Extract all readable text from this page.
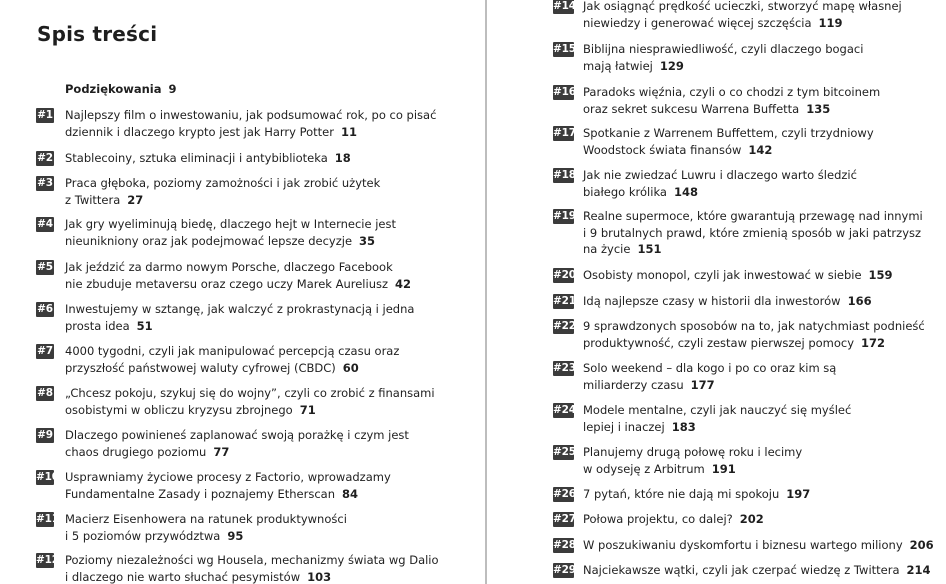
Spis treści
Podziękowania 9
#1 Najlepszy film o inwestowaniu, jak podsumować rok, po co pisać
dziennik i dlaczego krypto jest jak Harry Potter 11
#2 Stablecoiny, sztuka eliminacji i antybiblioteka 18
#3 Praca głęboka, poziomy zamożności i jak zrobić użytek
z Twittera 27
#4 Jak gry wyeliminują biedę, dlaczego hejt w Internecie jest
nieunikniony oraz jak podejmować lepsze decyzje 35
#5 Jak jeździć za darmo nowym Porsche, dlaczego Facebook
nie zbuduje metaversu oraz czego uczy Marek Aureliusz 42
#6 Inwestujemy w sztangę, jak walczyć z prokrastynacją i jedna
prosta idea 51
#7 4000 tygodni, czyli jak manipulować percepcją czasu oraz
przyszłość państwowej waluty cyfrowej (CBDC) 60
#8 „Chcesz pokoju, szykuj się do wojny”, czyli co zrobić z finansami
osobistymi w obliczu kryzysu zbrojnego 71
#9 Dlaczego powinieneś zaplanować swoją porażkę i czym jest
chaos drugiego poziomu 77
#10 Usprawniamy życiowe procesy z Factorio, wprowadzamy
Fundamentalne Zasady i poznajemy Etherscan 84
#11 Macierz Eisenhowera na ratunek produktywności
i 5 poziomów przywództwa 95
#12 Poziomy niezależności wg Housela, mechanizmy świata wg Dalio
i dlaczego nie warto słuchać pesymistów 103
#14 Jak osiągnąć prędkość ucieczki, stworzyć mapę własnej
niewiedzy i generować więcej szczęścia 119
#15 Biblijna niesprawiedliwość, czyli dlaczego bogaci
mają łatwiej 129
#16 Paradoks więźnia, czyli o co chodzi z tym bitcoinem
oraz sekret sukcesu Warrena Buffetta 135
#17 Spotkanie z Warrenem Buffettem, czyli trzydniowy
Woodstock świata finansów 142
#18 Jak nie zwiedzać Luwru i dlaczego warto śledzić
białego królika 148
#19 Realne supermoce, które gwarantują przewagę nad innymi
i 9 brutalnych prawd, które zmienią sposób w jaki patrzysz
na życie 151
#20 Osobisty monopol, czyli jak inwestować w siebie 159
#21 Idą najlepsze czasy w historii dla inwestorów 166
#22 9 sprawdzonych sposobów na to, jak natychmiast podnieść
produktywność, czyli zestaw pierwszej pomocy 172
#23 Solo weekend – dla kogo i po co oraz kim są
miliarderzy czasu 177
#24 Modele mentalne, czyli jak nauczyć się myśleć
lepiej i inaczej 183
#25 Planujemy drugą połowę roku i lecimy
w odyseję z Arbitrum 191
#26 7 pytań, które nie dają mi spokoju 197
#27 Połowa projektu, co dalej? 202
#28 W poszukiwaniu dyskomfortu i biznesu wartego miliony 206
#29 Najciekawsze wątki, czyli jak czerpać wiedzę z Twittera 214
